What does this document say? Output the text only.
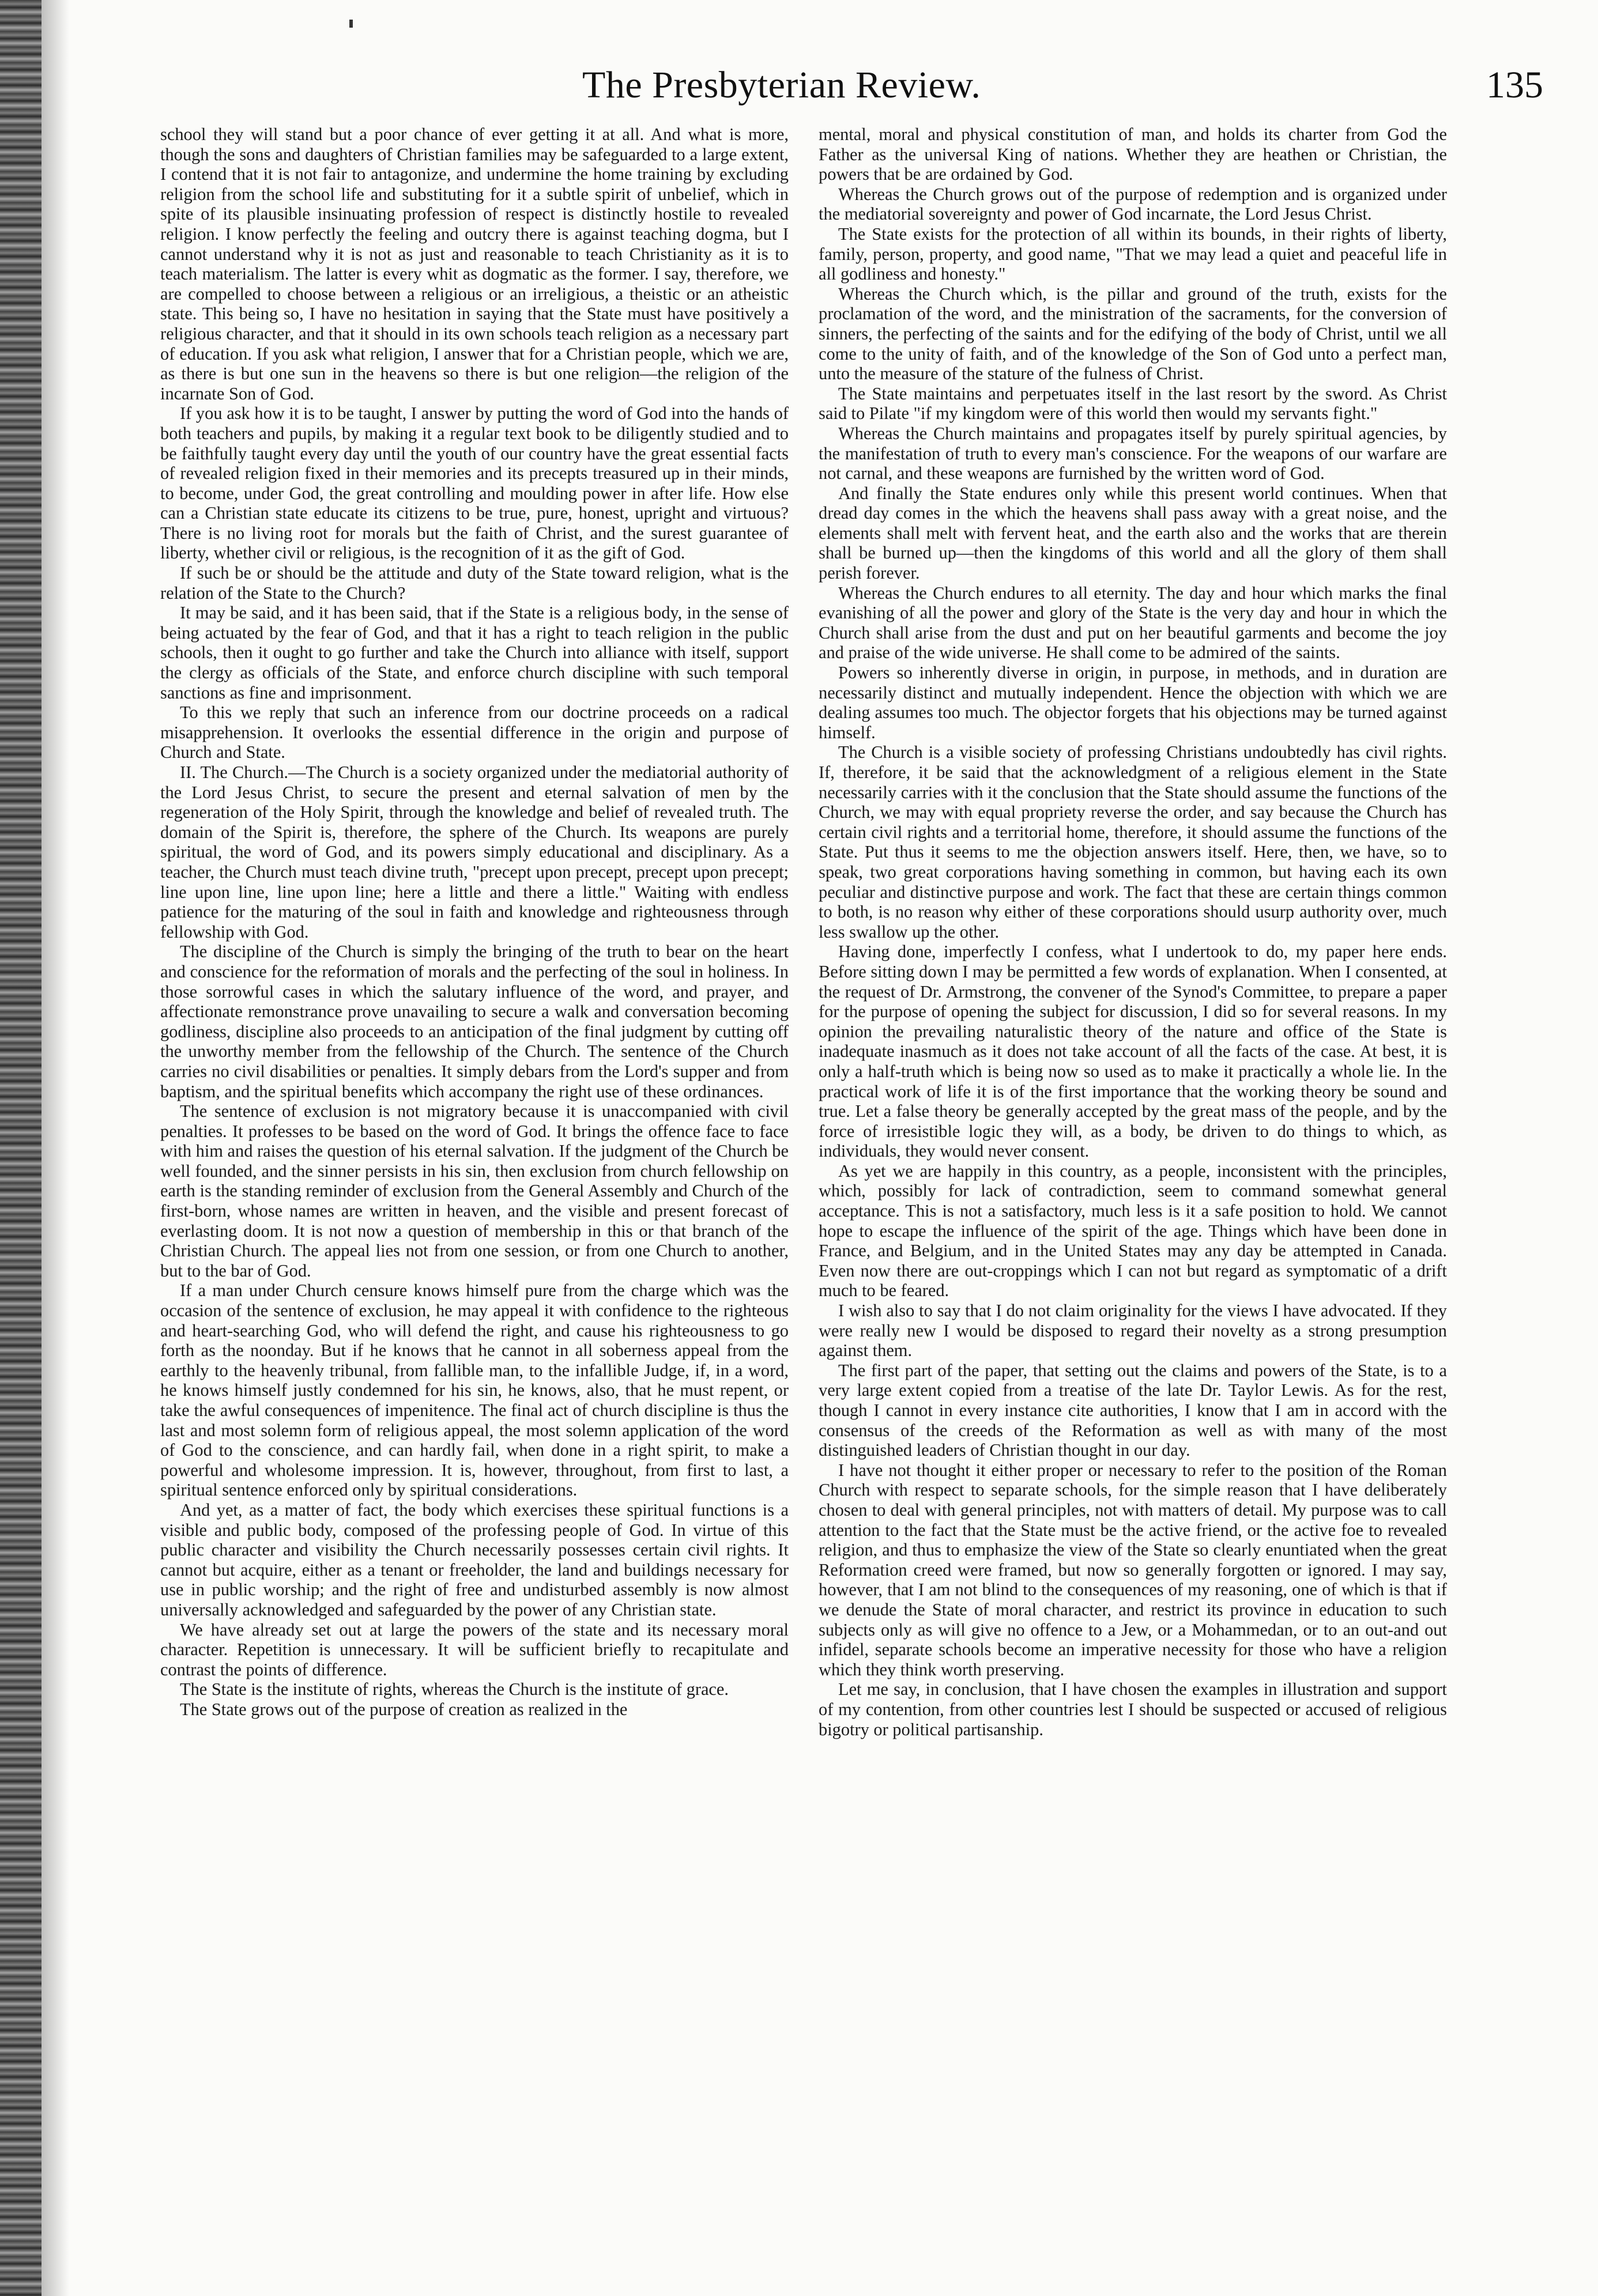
The Presbyterian Review.	135

school they will stand but a poor chance of ever getting it at all. And what is more, though the sons and daughters of Christian families may be safeguarded to a large extent, I contend that it is not fair to antagonize, and undermine the home training by excluding religion from the school life and substituting for it a subtle spirit of unbelief, which in spite of its plausible insinuating profession of respect is distinctly hostile to revealed religion. I know perfectly the feeling and outcry there is against teaching dogma, but I cannot understand why it is not as just and reasonable to teach Christianity as it is to teach materialism. The latter is every whit as dogmatic as the former. I say, therefore, we are compelled to choose between a religious or an irreligious, a theistic or an atheistic state. This being so, I have no hesitation in saying that the State must have positively a religious character, and that it should in its own schools teach religion as a necessary part of education. If you ask what religion, I answer that for a Christian people, which we are, as there is but one sun in the heavens so there is but one religion—the religion of the incarnate Son of God.

If you ask how it is to be taught, I answer by putting the word of God into the hands of both teachers and pupils, by making it a regular text book to be diligently studied and to be faithfully taught every day until the youth of our country have the great essential facts of revealed religion fixed in their memories and its precepts treasured up in their minds, to become, under God, the great controlling and moulding power in after life. How else can a Christian state educate its citizens to be true, pure, honest, upright and virtuous? There is no living root for morals but the faith of Christ, and the surest guarantee of liberty, whether civil or religious, is the recognition of it as the gift of God.

If such be or should be the attitude and duty of the State toward religion, what is the relation of the State to the Church?

It may be said, and it has been said, that if the State is a religious body, in the sense of being actuated by the fear of God, and that it has a right to teach religion in the public schools, then it ought to go further and take the Church into alliance with itself, support the clergy as officials of the State, and enforce church discipline with such temporal sanctions as fine and imprisonment.

To this we reply that such an inference from our doctrine proceeds on a radical misapprehension. It overlooks the essential difference in the origin and purpose of Church and State.

II. The Church.—The Church is a society organized under the mediatorial authority of the Lord Jesus Christ, to secure the present and eternal salvation of men by the regeneration of the Holy Spirit, through the knowledge and belief of revealed truth. The domain of the Spirit is, therefore, the sphere of the Church. Its weapons are purely spiritual, the word of God, and its powers simply educational and disciplinary. As a teacher, the Church must teach divine truth, "precept upon precept, precept upon precept; line upon line, line upon line; here a little and there a little." Waiting with endless patience for the maturing of the soul in faith and knowledge and righteousness through fellowship with God.

The discipline of the Church is simply the bringing of the truth to bear on the heart and conscience for the reformation of morals and the perfecting of the soul in holiness. In those sorrowful cases in which the salutary influence of the word, and prayer, and affectionate remonstrance prove unavailing to secure a walk and conversation becoming godliness, discipline also proceeds to an anticipation of the final judgment by cutting off the unworthy member from the fellowship of the Church. The sentence of the Church carries no civil disabilities or penalties. It simply debars from the Lord's supper and from baptism, and the spiritual benefits which accompany the right use of these ordinances.

The sentence of exclusion is not migratory because it is unaccompanied with civil penalties. It professes to be based on the word of God. It brings the offence face to face with him and raises the question of his eternal salvation. If the judgment of the Church be well founded, and the sinner persists in his sin, then exclusion from church fellowship on earth is the standing reminder of exclusion from the General Assembly and Church of the first-born, whose names are written in heaven, and the visible and present forecast of everlasting doom. It is not now a question of membership in this or that branch of the Christian Church. The appeal lies not from one session, or from one Church to another, but to the bar of God.

If a man under Church censure knows himself pure from the charge which was the occasion of the sentence of exclusion, he may appeal it with confidence to the righteous and heart-searching God, who will defend the right, and cause his righteousness to go forth as the noonday. But if he knows that he cannot in all soberness appeal from the earthly to the heavenly tribunal, from fallible man, to the infallible Judge, if, in a word, he knows himself justly condemned for his sin, he knows, also, that he must repent, or take the awful consequences of impenitence. The final act of church discipline is thus the last and most solemn form of religious appeal, the most solemn application of the word of God to the conscience, and can hardly fail, when done in a right spirit, to make a powerful and wholesome impression. It is, however, throughout, from first to last, a spiritual sentence enforced only by spiritual considerations.

And yet, as a matter of fact, the body which exercises these spiritual functions is a visible and public body, composed of the professing people of God. In virtue of this public character and visibility the Church necessarily possesses certain civil rights. It cannot but acquire, either as a tenant or freeholder, the land and buildings necessary for use in public worship; and the right of free and undisturbed assembly is now almost universally acknowledged and safeguarded by the power of any Christian state.

We have already set out at large the powers of the state and its necessary moral character. Repetition is unnecessary. It will be sufficient briefly to recapitulate and contrast the points of difference.

The State is the institute of rights, whereas the Church is the institute of grace.

The State grows out of the purpose of creation as realized in the

mental, moral and physical constitution of man, and holds its charter from God the Father as the universal King of nations. Whether they are heathen or Christian, the powers that be are ordained by God.

Whereas the Church grows out of the purpose of redemption and is organized under the mediatorial sovereignty and power of God incarnate, the Lord Jesus Christ.

The State exists for the protection of all within its bounds, in their rights of liberty, family, person, property, and good name, "That we may lead a quiet and peaceful life in all godliness and honesty."

Whereas the Church which, is the pillar and ground of the truth, exists for the proclamation of the word, and the ministration of the sacraments, for the conversion of sinners, the perfecting of the saints and for the edifying of the body of Christ, until we all come to the unity of faith, and of the knowledge of the Son of God unto a perfect man, unto the measure of the stature of the fulness of Christ.

The State maintains and perpetuates itself in the last resort by the sword. As Christ said to Pilate "if my kingdom were of this world then would my servants fight."

Whereas the Church maintains and propagates itself by purely spiritual agencies, by the manifestation of truth to every man's conscience. For the weapons of our warfare are not carnal, and these weapons are furnished by the written word of God.

And finally the State endures only while this present world continues. When that dread day comes in the which the heavens shall pass away with a great noise, and the elements shall melt with fervent heat, and the earth also and the works that are therein shall be burned up—then the kingdoms of this world and all the glory of them shall perish forever.

Whereas the Church endures to all eternity. The day and hour which marks the final evanishing of all the power and glory of the State is the very day and hour in which the Church shall arise from the dust and put on her beautiful garments and become the joy and praise of the wide universe. He shall come to be admired of the saints.

Powers so inherently diverse in origin, in purpose, in methods, and in duration are necessarily distinct and mutually independent. Hence the objection with which we are dealing assumes too much. The objector forgets that his objections may be turned against himself.

The Church is a visible society of professing Christians undoubtedly has civil rights. If, therefore, it be said that the acknowledgment of a religious element in the State necessarily carries with it the conclusion that the State should assume the functions of the Church, we may with equal propriety reverse the order, and say because the Church has certain civil rights and a territorial home, therefore, it should assume the functions of the State. Put thus it seems to me the objection answers itself. Here, then, we have, so to speak, two great corporations having something in common, but having each its own peculiar and distinctive purpose and work. The fact that these are certain things common to both, is no reason why either of these corporations should usurp authority over, much less swallow up the other.

Having done, imperfectly I confess, what I undertook to do, my paper here ends. Before sitting down I may be permitted a few words of explanation. When I consented, at the request of Dr. Armstrong, the convener of the Synod's Committee, to prepare a paper for the purpose of opening the subject for discussion, I did so for several reasons. In my opinion the prevailing naturalistic theory of the nature and office of the State is inadequate inasmuch as it does not take account of all the facts of the case. At best, it is only a half-truth which is being now so used as to make it practically a whole lie. In the practical work of life it is of the first importance that the working theory be sound and true. Let a false theory be generally accepted by the great mass of the people, and by the force of irresistible logic they will, as a body, be driven to do things to which, as individuals, they would never consent.

As yet we are happily in this country, as a people, inconsistent with the principles, which, possibly for lack of contradiction, seem to command somewhat general acceptance. This is not a satisfactory, much less is it a safe position to hold. We cannot hope to escape the influence of the spirit of the age. Things which have been done in France, and Belgium, and in the United States may any day be attempted in Canada. Even now there are out-croppings which I can not but regard as symptomatic of a drift much to be feared.

I wish also to say that I do not claim originality for the views I have advocated. If they were really new I would be disposed to regard their novelty as a strong presumption against them.

The first part of the paper, that setting out the claims and powers of the State, is to a very large extent copied from a treatise of the late Dr. Taylor Lewis. As for the rest, though I cannot in every instance cite authorities, I know that I am in accord with the consensus of the creeds of the Reformation as well as with many of the most distinguished leaders of Christian thought in our day.

I have not thought it either proper or necessary to refer to the position of the Roman Church with respect to separate schools, for the simple reason that I have deliberately chosen to deal with general principles, not with matters of detail. My purpose was to call attention to the fact that the State must be the active friend, or the active foe to revealed religion, and thus to emphasize the view of the State so clearly enuntiated when the great Reformation creed were framed, but now so generally forgotten or ignored. I may say, however, that I am not blind to the consequences of my reasoning, one of which is that if we denude the State of moral character, and restrict its province in education to such subjects only as will give no offence to a Jew, or a Mohammedan, or to an out-and out infidel, separate schools become an imperative necessity for those who have a religion which they think worth preserving.

Let me say, in conclusion, that I have chosen the examples in illustration and support of my contention, from other countries lest I should be suspected or accused of religious bigotry or political partisanship.
